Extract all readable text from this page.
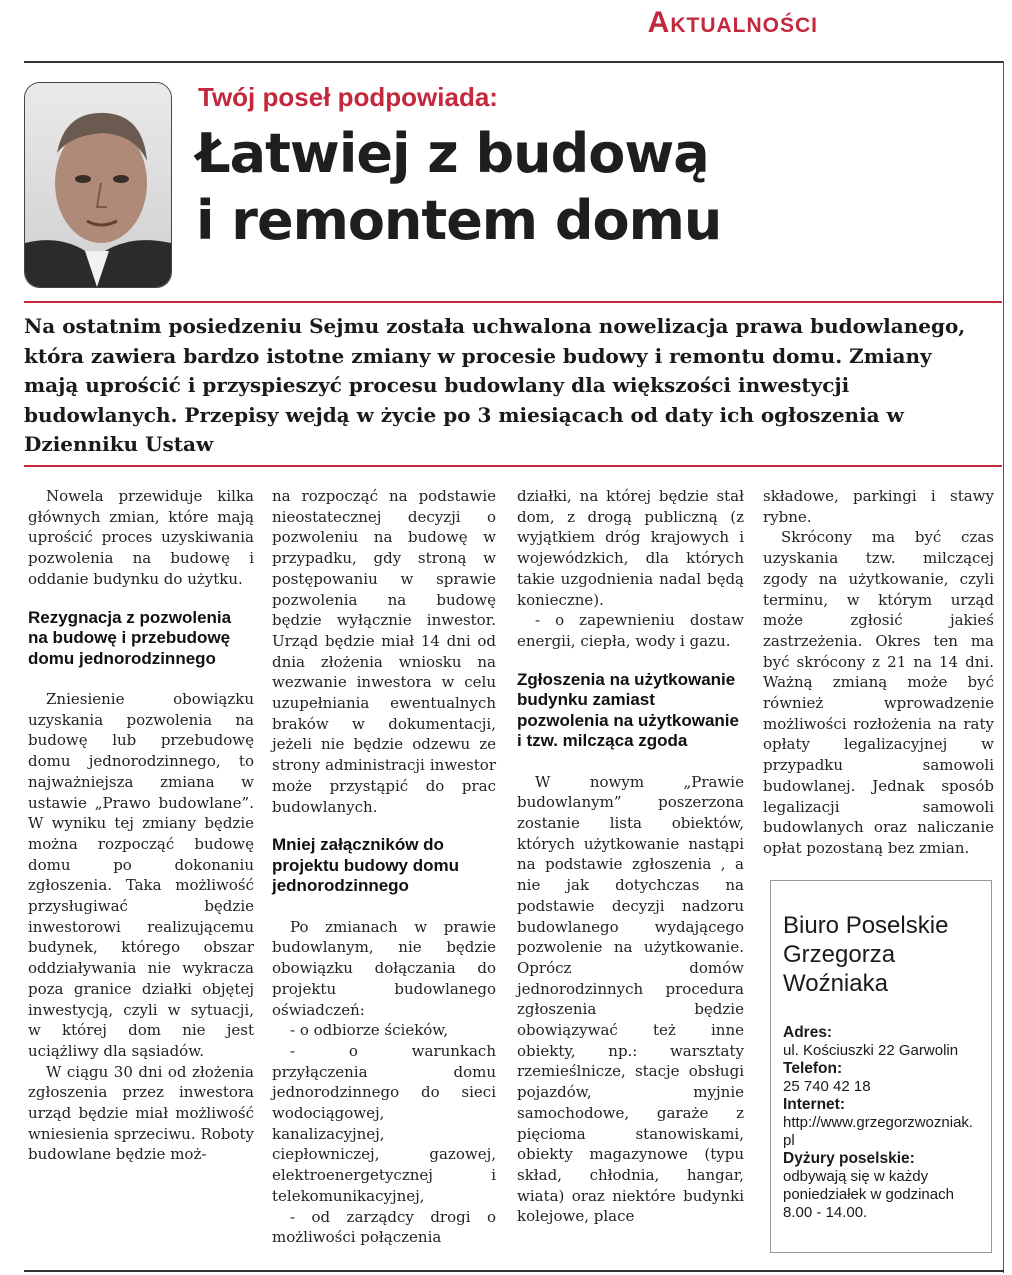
Aktualności
Twój poseł podpowiada:
Łatwiej z budową
i remontem domu
Na ostatnim posiedzeniu Sejmu została uchwalona nowelizacja prawa budowlanego, która zawiera bardzo istotne zmiany w procesie budowy i remontu domu. Zmiany mają uprościć i przyspieszyć procesu budowlany dla większości inwestycji budowlanych. Przepisy wejdą w życie po 3 miesiącach od daty ich ogłoszenia w Dzienniku Ustaw

Nowela przewiduje kilka głównych zmian, które mają uprościć proces uzyskiwania pozwolenia na budowę i oddanie budynku do użytku.

Rezygnacja z pozwolenia na budowę i przebudowę domu jednorodzinnego

Zniesienie obowiązku uzyskania pozwolenia na budowę lub przebudowę domu jednorodzinnego, to najważniejsza zmiana w ustawie „Prawo budowlane”. W wyniku tej zmiany będzie można rozpocząć budowę domu po dokonaniu zgłoszenia. Taka możliwość przysługiwać będzie inwestorowi realizującemu budynek, którego obszar oddziaływania nie wykracza poza granice działki objętej inwestycją, czyli w sytuacji, w której dom nie jest uciążliwy dla sąsiadów.

W ciągu 30 dni od złożenia zgłoszenia przez inwestora urząd będzie miał możliwość wniesienia sprzeciwu. Roboty budowlane będzie moż-

na rozpocząć na podstawie nieostatecznej decyzji o pozwoleniu na budowę w przypadku, gdy stroną w postępowaniu w sprawie pozwolenia na budowę będzie wyłącznie inwestor. Urząd będzie miał 14 dni od dnia złożenia wniosku na wezwanie inwestora w celu uzupełniania ewentualnych braków w dokumentacji, jeżeli nie będzie odzewu ze strony administracji inwestor może przystąpić do prac budowlanych.

Mniej załączników do projektu budowy domu jednorodzinnego

Po zmianach w prawie budowlanym, nie będzie obowiązku dołączania do projektu budowlanego oświadczeń:

- o odbiorze ścieków,

- o warunkach przyłączenia domu jednorodzinnego do sieci wodociągowej, kanalizacyjnej, ciepłowniczej, gazowej, elektroenergetycznej i telekomunikacyjnej,

- od zarządcy drogi o możliwości połączenia

działki, na której będzie stał dom, z drogą publiczną (z wyjątkiem dróg krajowych i wojewódzkich, dla których takie uzgodnienia nadal będą konieczne).

- o zapewnieniu dostaw energii, ciepła, wody i gazu.

Zgłoszenia na użytkowanie budynku zamiast pozwolenia na użytkowanie i tzw. milcząca zgoda

W nowym „Prawie budowlanym” poszerzona zostanie lista obiektów, których użytkowanie nastąpi na podstawie zgłoszenia , a nie jak dotychczas na podstawie decyzji nadzoru budowlanego wydającego pozwolenie na użytkowanie. Oprócz domów jednorodzinnych procedura zgłoszenia będzie obowiązywać też inne obiekty, np.: warsztaty rzemieślnicze, stacje obsługi pojazdów, myjnie samochodowe, garaże z pięcioma stanowiskami, obiekty magazynowe (typu skład, chłodnia, hangar, wiata) oraz niektóre budynki kolejowe, place

składowe, parkingi i stawy rybne.

Skrócony ma być czas uzyskania tzw. milczącej zgody na użytkowanie, czyli terminu, w którym urząd może zgłosić jakieś zastrzeżenia. Okres ten ma być skrócony z 21 na 14 dni. Ważną zmianą może być również wprowadzenie możliwości rozłożenia na raty opłaty legalizacyjnej w przypadku samowoli budowlanej. Jednak sposób legalizacji samowoli budowlanych oraz naliczanie opłat pozostaną bez zmian.

Biuro Poselskie
Grzegorza
Woźniaka
Adres:
ul. Kościuszki 22 Garwolin
Telefon:
25 740 42 18
Internet:
http://www.grzegorzwozniak.pl
Dyżury poselskie:
odbywają się w każdy poniedziałek w godzinach 8.00 - 14.00.
